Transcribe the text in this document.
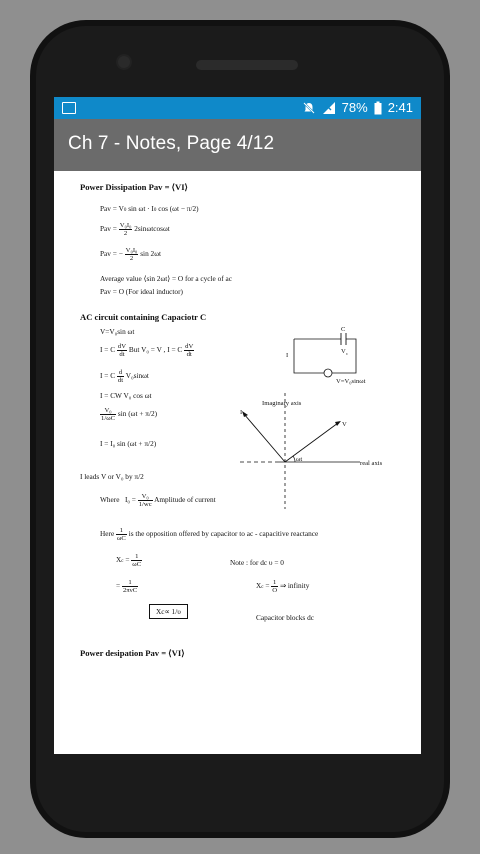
78% 2:41
Ch 7 - Notes, Page 4/12
Power Dissipation Pav = ⟨VI⟩
Pav = V0 sin ωt · I0 cos (ωt − π/2)
Pav = $\frac{\text{V₀I₀}}{2} 2\sin\omega tcos\omega t$
Pav = − $\frac{\text{V₀I₀}}{2}$ sin 2ωt
Average value ⟨sin 2ωt⟩ = O for a cycle of ac
Pav = O (For ideal inductor)
AC circuit containing Capaciotr C
V=V₀sin ωt
I = C $\frac{dV}{dt}$ But V₀ = V , I = C $\frac{dV}{dt}$
I = C $\frac{d}{dt} V_0\sin\omega t$
I = CW V₀ cos ωt
$\frac{\text{V₀}}{1/\omega C}$ sin (ωt + π/2)
I = I₀ sin (ωt + π/2)
I leads V or V₀ by π/2
Where $I_0 = \frac{\text{V₀}}{1/wc}$ Amplitude of current
Here $\frac{1}{\omega C}$ is the opposition offered by capacitor to ac - capacitive reactance
$Xc = \frac{1}{\omega C}$
= $\frac{1}{\text{2πνC}}$
Xc∝ 1/υ
Note : for dc υ = 0
$Xc = \frac{1}{O}$ ⇒ infinity
Capacitor blocks dc
Power desipation Pav = ⟨VI⟩
C
V c
I
V=V₀sinωt
Imaginary axis
I
V
ωt
real axis
